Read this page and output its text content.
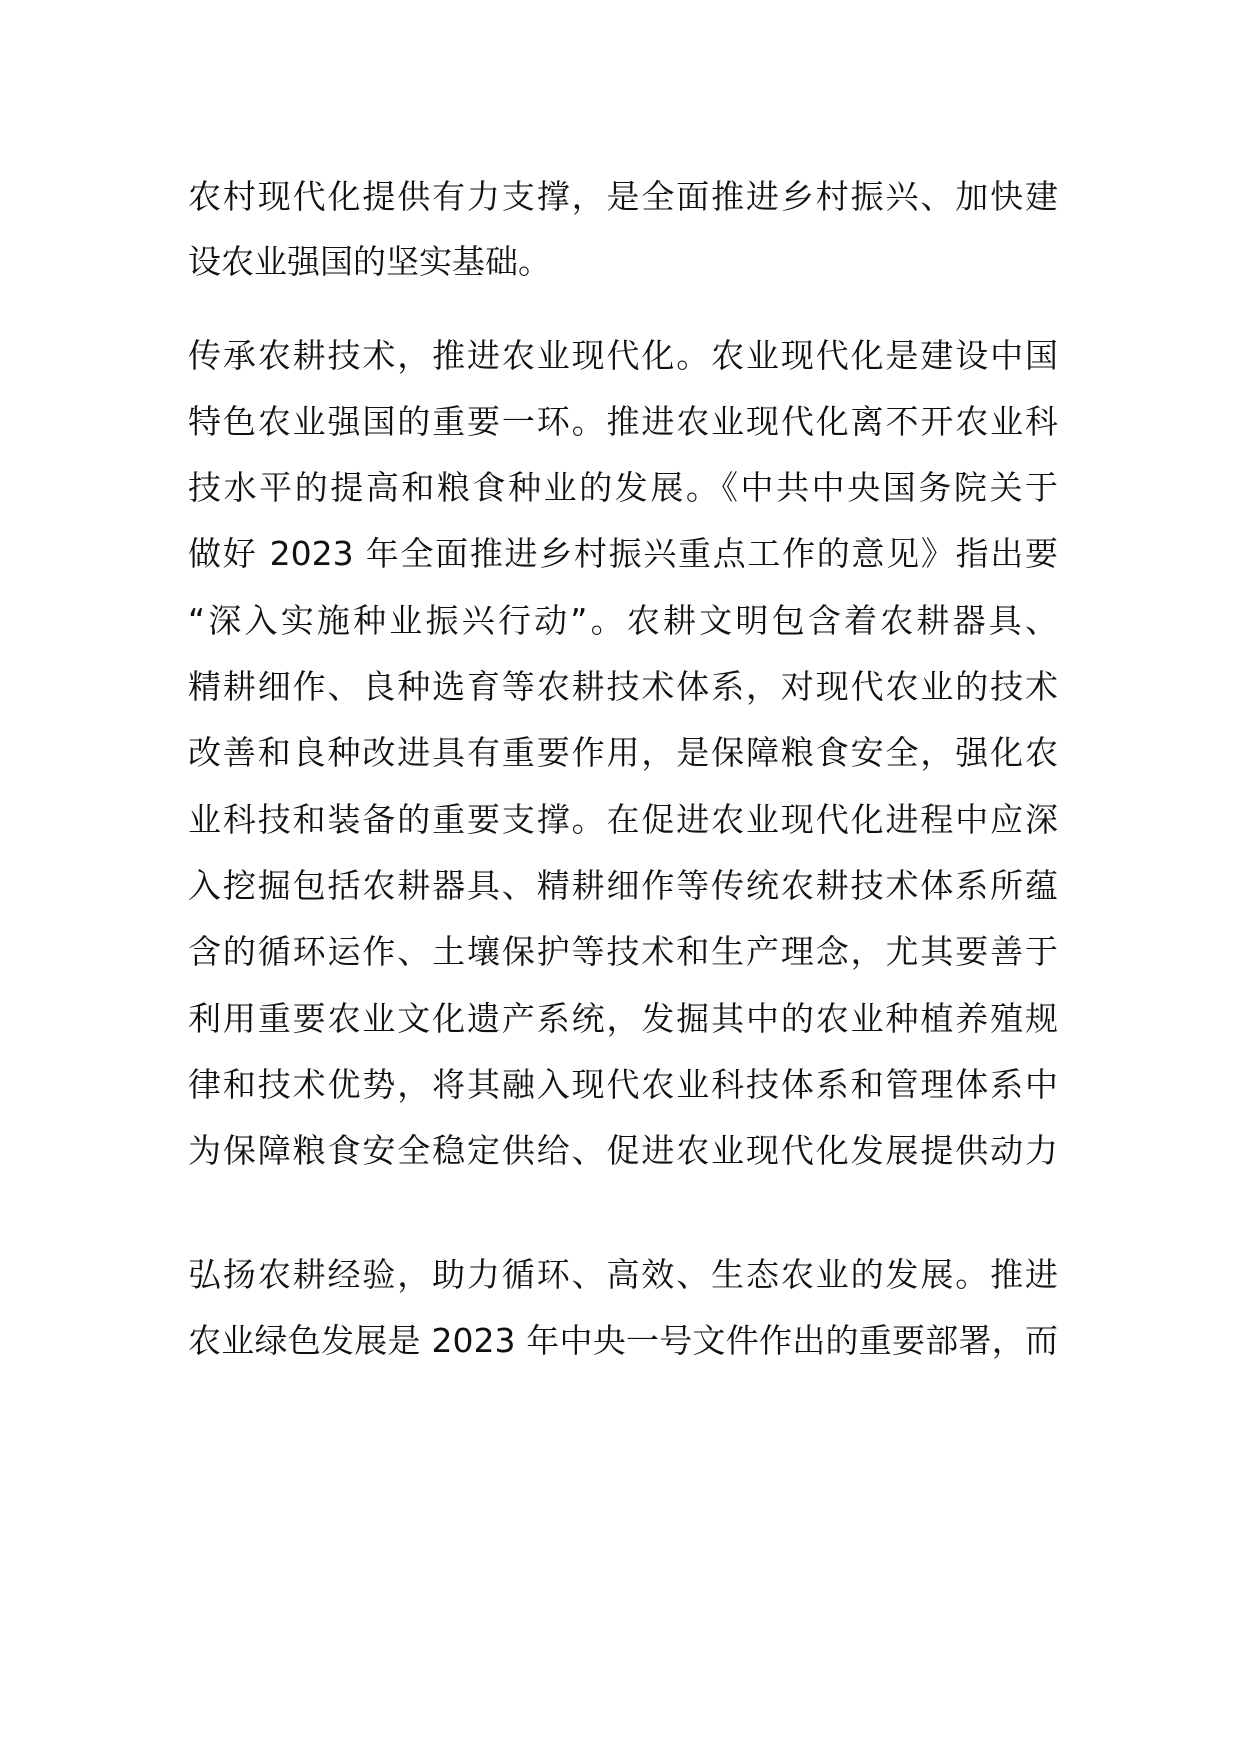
农村现代化提供有力支撑，是全面推进乡村振兴、加快建
设农业强国的坚实基础。
传承农耕技术，推进农业现代化。农业现代化是建设中国
特色农业强国的重要一环。推进农业现代化离不开农业科
技水平的提高和粮食种业的发展。《中共中央国务院关于
做好 2023 年全面推进乡村振兴重点工作的意见》指出要
“深入实施种业振兴行动”。农耕文明包含着农耕器具、
精耕细作、良种选育等农耕技术体系，对现代农业的技术
改善和良种改进具有重要作用，是保障粮食安全，强化农
业科技和装备的重要支撑。在促进农业现代化进程中应深
入挖掘包括农耕器具、精耕细作等传统农耕技术体系所蕴
含的循环运作、土壤保护等技术和生产理念，尤其要善于
利用重要农业文化遗产系统，发掘其中的农业种植养殖规
律和技术优势，将其融入现代农业科技体系和管理体系中
为保障粮食安全稳定供给、促进农业现代化发展提供动力
弘扬农耕经验，助力循环、高效、生态农业的发展。推进
农业绿色发展是 2023 年中央一号文件作出的重要部署，而
